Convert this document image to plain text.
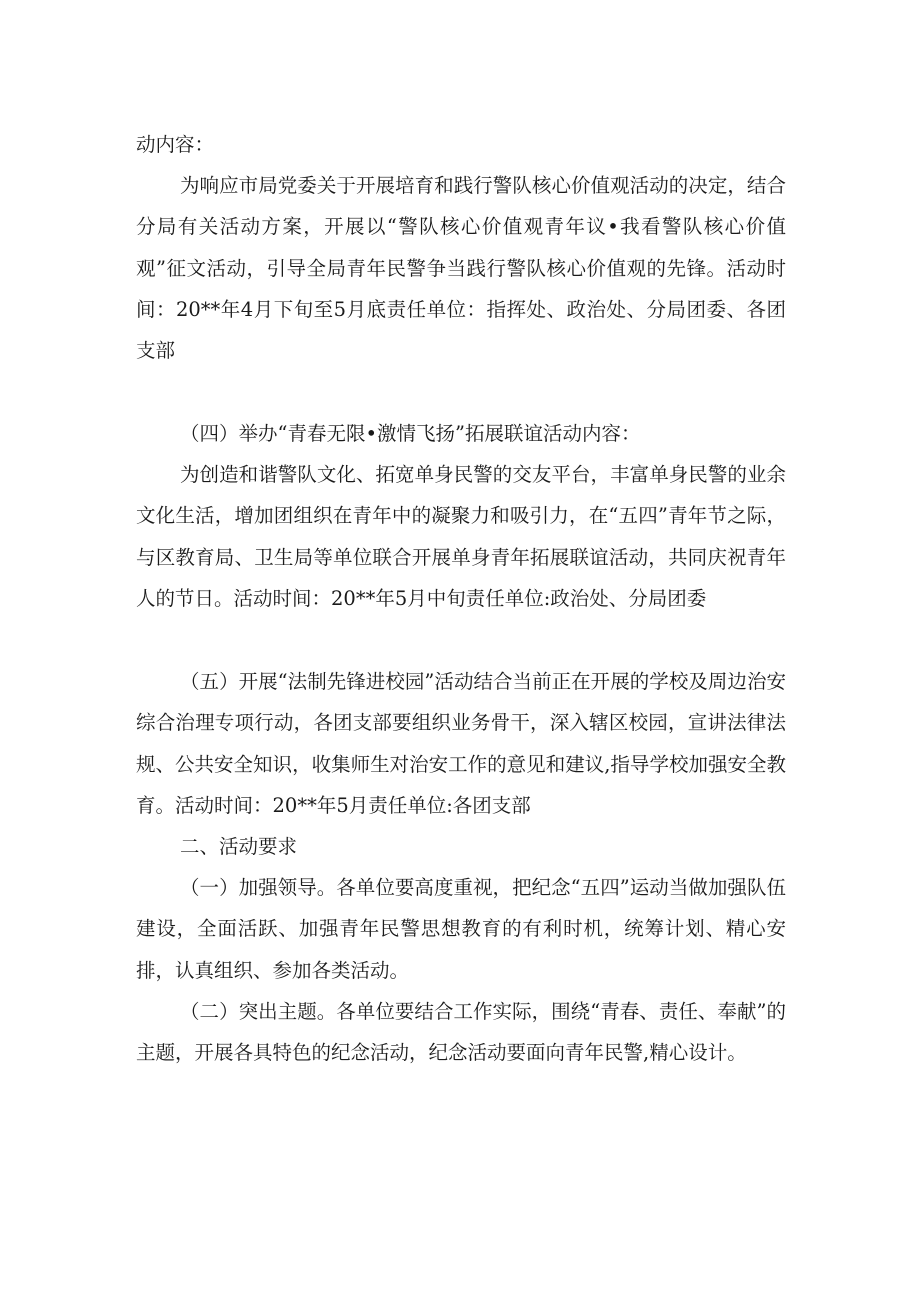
动内容：

为响应市局党委关于开展培育和践行警队核心价值观活动的决定，结合分局有关活动方案，开展以“警队核心价值观青年议•我看警队核心价值观”征文活动，引导全局青年民警争当践行警队核心价值观的先锋。活动时间：20**年4月下旬至5月底责任单位：指挥处、政治处、分局团委、各团支部

（四）举办“青春无限•激情飞扬”拓展联谊活动内容：

为创造和谐警队文化、拓宽单身民警的交友平台，丰富单身民警的业余文化生活，增加团组织在青年中的凝聚力和吸引力，在“五四”青年节之际，与区教育局、卫生局等单位联合开展单身青年拓展联谊活动，共同庆祝青年人的节日。活动时间：20**年5月中旬责任单位:政治处、分局团委

（五）开展“法制先锋进校园”活动结合当前正在开展的学校及周边治安综合治理专项行动，各团支部要组织业务骨干，深入辖区校园，宣讲法律法规、公共安全知识，收集师生对治安工作的意见和建议,指导学校加强安全教育。活动时间：20**年5月责任单位:各团支部

二、活动要求

（一）加强领导。各单位要高度重视，把纪念“五四”运动当做加强队伍建设，全面活跃、加强青年民警思想教育的有利时机，统筹计划、精心安排，认真组织、参加各类活动。

（二）突出主题。各单位要结合工作实际，围绕“青春、责任、奉献”的主题，开展各具特色的纪念活动，纪念活动要面向青年民警,精心设计。
